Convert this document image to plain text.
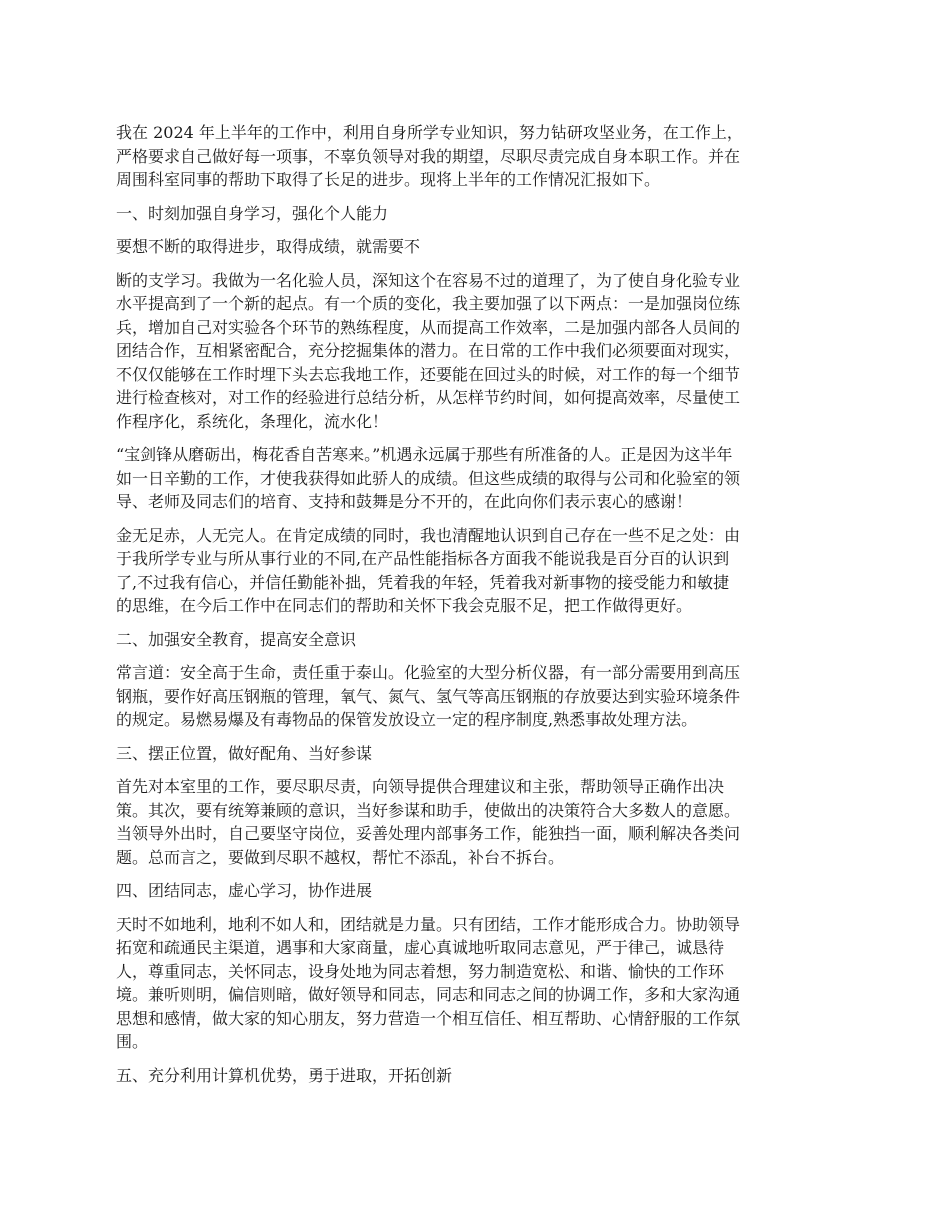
我在 2024 年上半年的工作中，利用自身所学专业知识，努力钻研攻坚业务，在工作上，
严格要求自己做好每一项事，不辜负领导对我的期望，尽职尽责完成自身本职工作。并在
周围科室同事的帮助下取得了长足的进步。现将上半年的工作情况汇报如下。

一、时刻加强自身学习，强化个人能力

要想不断的取得进步，取得成绩，就需要不

断的支学习。我做为一名化验人员，深知这个在容易不过的道理了，为了使自身化验专业
水平提高到了一个新的起点。有一个质的变化，我主要加强了以下两点：一是加强岗位练
兵，增加自己对实验各个环节的熟练程度，从而提高工作效率，二是加强内部各人员间的
团结合作，互相紧密配合，充分挖掘集体的潜力。在日常的工作中我们必须要面对现实，
不仅仅能够在工作时埋下头去忘我地工作，还要能在回过头的时候，对工作的每一个细节
进行检查核对，对工作的经验进行总结分析，从怎样节约时间，如何提高效率，尽量使工
作程序化，系统化，条理化，流水化！

“宝剑锋从磨砺出，梅花香自苦寒来。”机遇永远属于那些有所准备的人。正是因为这半年
如一日辛勤的工作，才使我获得如此骄人的成绩。但这些成绩的取得与公司和化验室的领
导、老师及同志们的培育、支持和鼓舞是分不开的，在此向你们表示衷心的感谢！

金无足赤，人无完人。在肯定成绩的同时，我也清醒地认识到自己存在一些不足之处：由
于我所学专业与所从事行业的不同,在产品性能指标各方面我不能说我是百分百的认识到
了,不过我有信心，并信任勤能补拙，凭着我的年轻，凭着我对新事物的接受能力和敏捷
的思维，在今后工作中在同志们的帮助和关怀下我会克服不足，把工作做得更好。

二、加强安全教育，提高安全意识

常言道：安全高于生命，责任重于泰山。化验室的大型分析仪器，有一部分需要用到高压
钢瓶，要作好高压钢瓶的管理，氧气、氮气、氢气等高压钢瓶的存放要达到实验环境条件
的规定。易燃易爆及有毒物品的保管发放设立一定的程序制度,熟悉事故处理方法。

三、摆正位置，做好配角、当好参谋

首先对本室里的工作，要尽职尽责，向领导提供合理建议和主张，帮助领导正确作出决
策。其次，要有统筹兼顾的意识，当好参谋和助手，使做出的决策符合大多数人的意愿。
当领导外出时，自己要坚守岗位，妥善处理内部事务工作，能独挡一面，顺利解决各类问
题。总而言之，要做到尽职不越权，帮忙不添乱，补台不拆台。

四、团结同志，虚心学习，协作进展

天时不如地利，地利不如人和，团结就是力量。只有团结，工作才能形成合力。协助领导
拓宽和疏通民主渠道，遇事和大家商量，虚心真诚地听取同志意见，严于律己，诚恳待
人，尊重同志，关怀同志，设身处地为同志着想，努力制造宽松、和谐、愉快的工作环
境。兼听则明，偏信则暗，做好领导和同志，同志和同志之间的协调工作，多和大家沟通
思想和感情，做大家的知心朋友，努力营造一个相互信任、相互帮助、心情舒服的工作氛
围。

五、充分利用计算机优势，勇于进取，开拓创新
